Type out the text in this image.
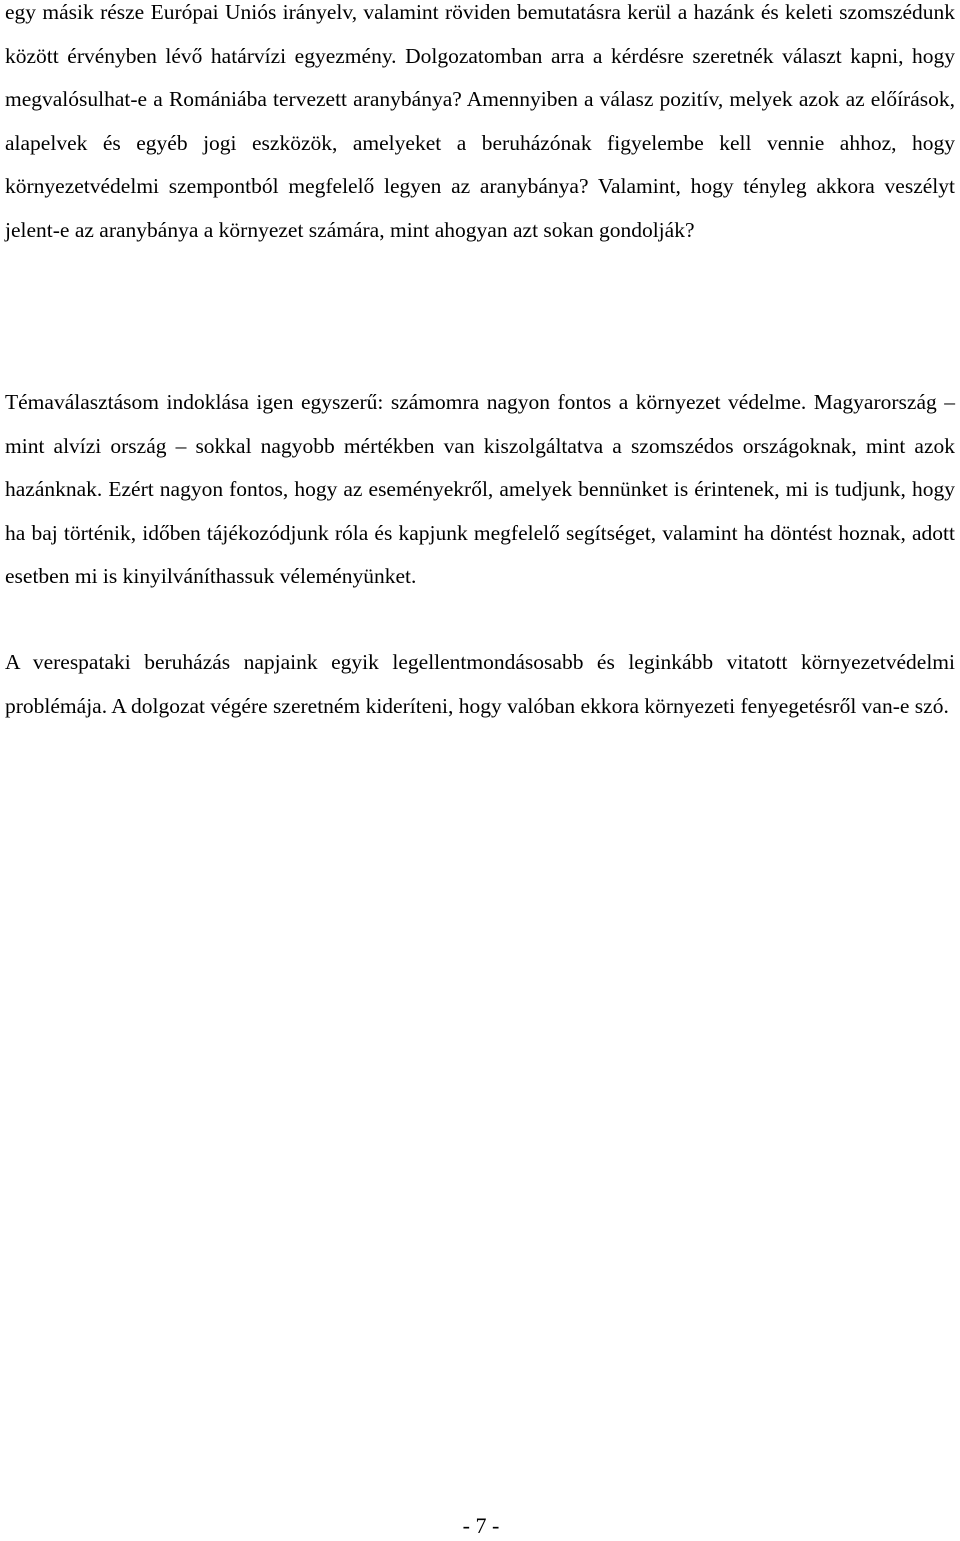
egy másik része Európai Uniós irányelv, valamint röviden bemutatásra kerül a hazánk és keleti szomszédunk között érvényben lévő határvízi egyezmény. Dolgozatomban arra a kérdésre szeretnék választ kapni, hogy megvalósulhat-e a Romániába tervezett aranybánya? Amennyiben a válasz pozitív, melyek azok az előírások, alapelvek és egyéb jogi eszközök, amelyeket a beruházónak figyelembe kell vennie ahhoz, hogy környezetvédelmi szempontból megfelelő legyen az aranybánya? Valamint, hogy tényleg akkora veszélyt jelent-e az aranybánya a környezet számára, mint ahogyan azt sokan gondolják?

Témaválasztásom indoklása igen egyszerű: számomra nagyon fontos a környezet védelme. Magyarország – mint alvízi ország – sokkal nagyobb mértékben van kiszolgáltatva a szomszédos országoknak, mint azok hazánknak. Ezért nagyon fontos, hogy az eseményekről, amelyek bennünket is érintenek, mi is tudjunk, hogy ha baj történik, időben tájékozódjunk róla és kapjunk megfelelő segítséget, valamint ha döntést hoznak, adott esetben mi is kinyilváníthassuk véleményünket.

A verespataki beruházás napjaink egyik legellentmondásosabb és leginkább vitatott környezetvédelmi problémája. A dolgozat végére szeretném kideríteni, hogy valóban ekkora környezeti fenyegetésről van-e szó.

- 7 -
